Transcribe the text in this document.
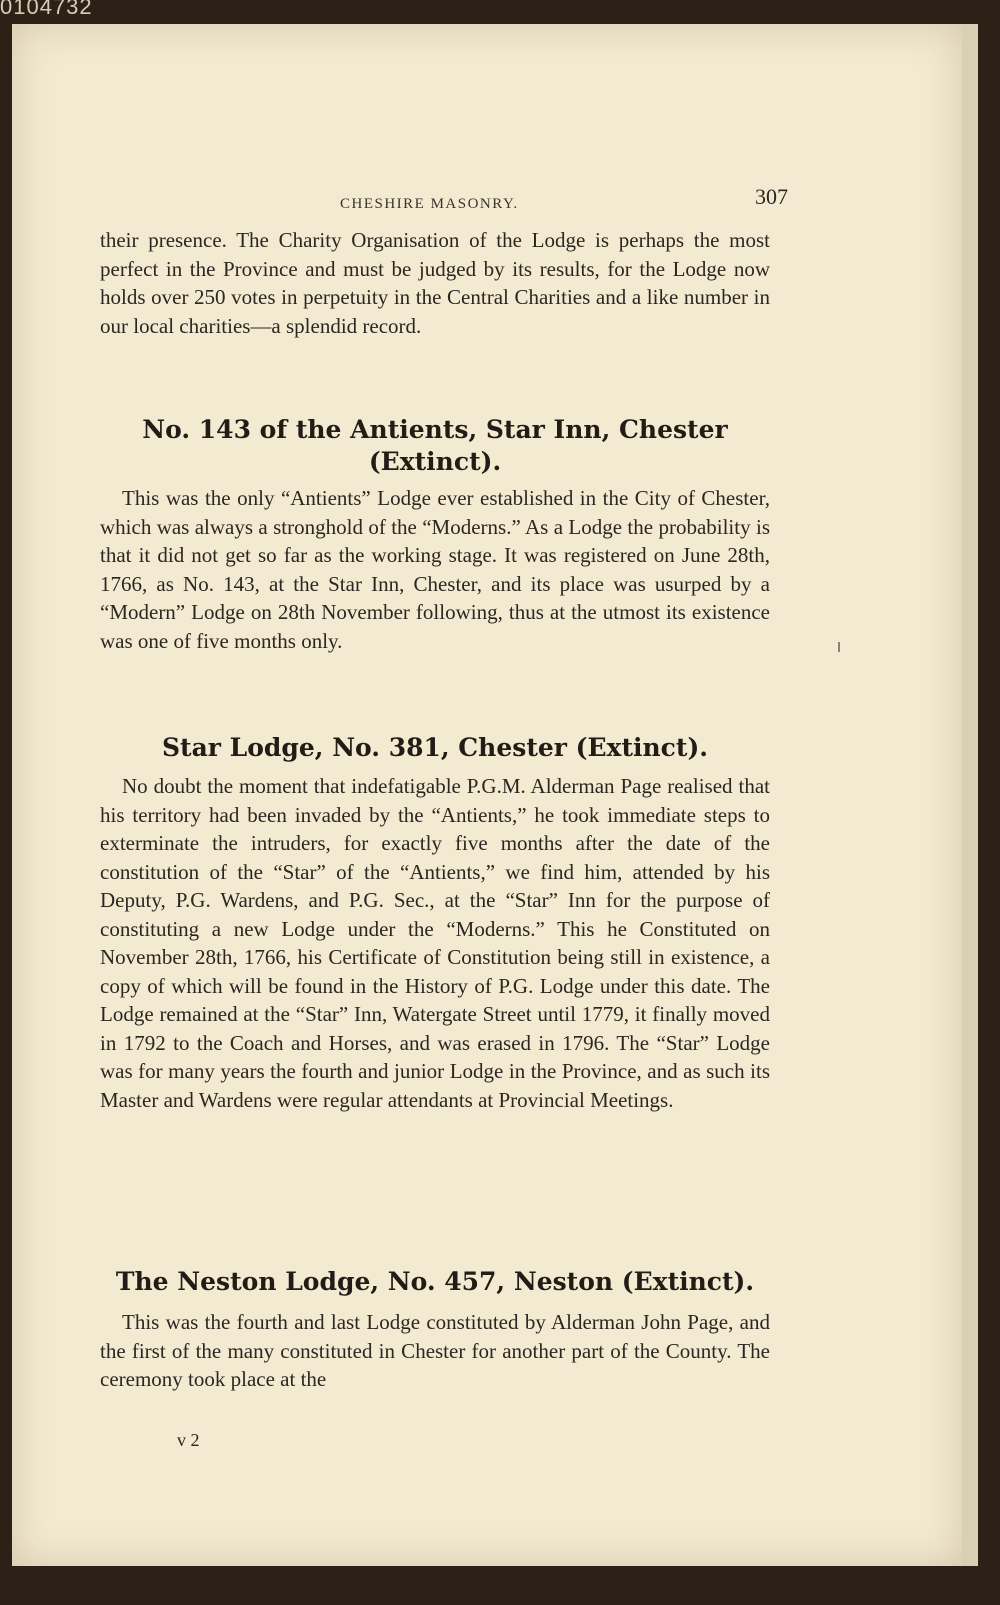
0104732
CHESHIRE MASONRY.	307

their presence. The Charity Organisation of the Lodge is perhaps the most perfect in the Province and must be judged by its results, for the Lodge now holds over 250 votes in perpetuity in the Central Charities and a like number in our local charities—a splendid record.

No. 143 of the Antients, Star Inn, Chester
(Extinct).

This was the only “Antients” Lodge ever established in the City of Chester, which was always a stronghold of the “Moderns.” As a Lodge the probability is that it did not get so far as the working stage. It was registered on June 28th, 1766, as No. 143, at the Star Inn, Chester, and its place was usurped by a “Modern” Lodge on 28th November following, thus at the utmost its existence was one of five months only.

Star Lodge, No. 381, Chester (Extinct).

No doubt the moment that indefatigable P.G.M. Alderman Page realised that his territory had been invaded by the “Antients,” he took immediate steps to exterminate the intruders, for exactly five months after the date of the constitution of the “Star” of the “Antients,” we find him, attended by his Deputy, P.G. Wardens, and P.G. Sec., at the “Star” Inn for the purpose of constituting a new Lodge under the “Moderns.” This he Constituted on November 28th, 1766, his Certificate of Constitution being still in existence, a copy of which will be found in the History of P.G. Lodge under this date. The Lodge remained at the “Star” Inn, Watergate Street until 1779, it finally moved in 1792 to the Coach and Horses, and was erased in 1796. The “Star” Lodge was for many years the fourth and junior Lodge in the Province, and as such its Master and Wardens were regular attendants at Provincial Meetings.

The Neston Lodge, No. 457, Neston (Extinct).

This was the fourth and last Lodge constituted by Alderman John Page, and the first of the many constituted in Chester for another part of the County. The ceremony took place at the

v 2
